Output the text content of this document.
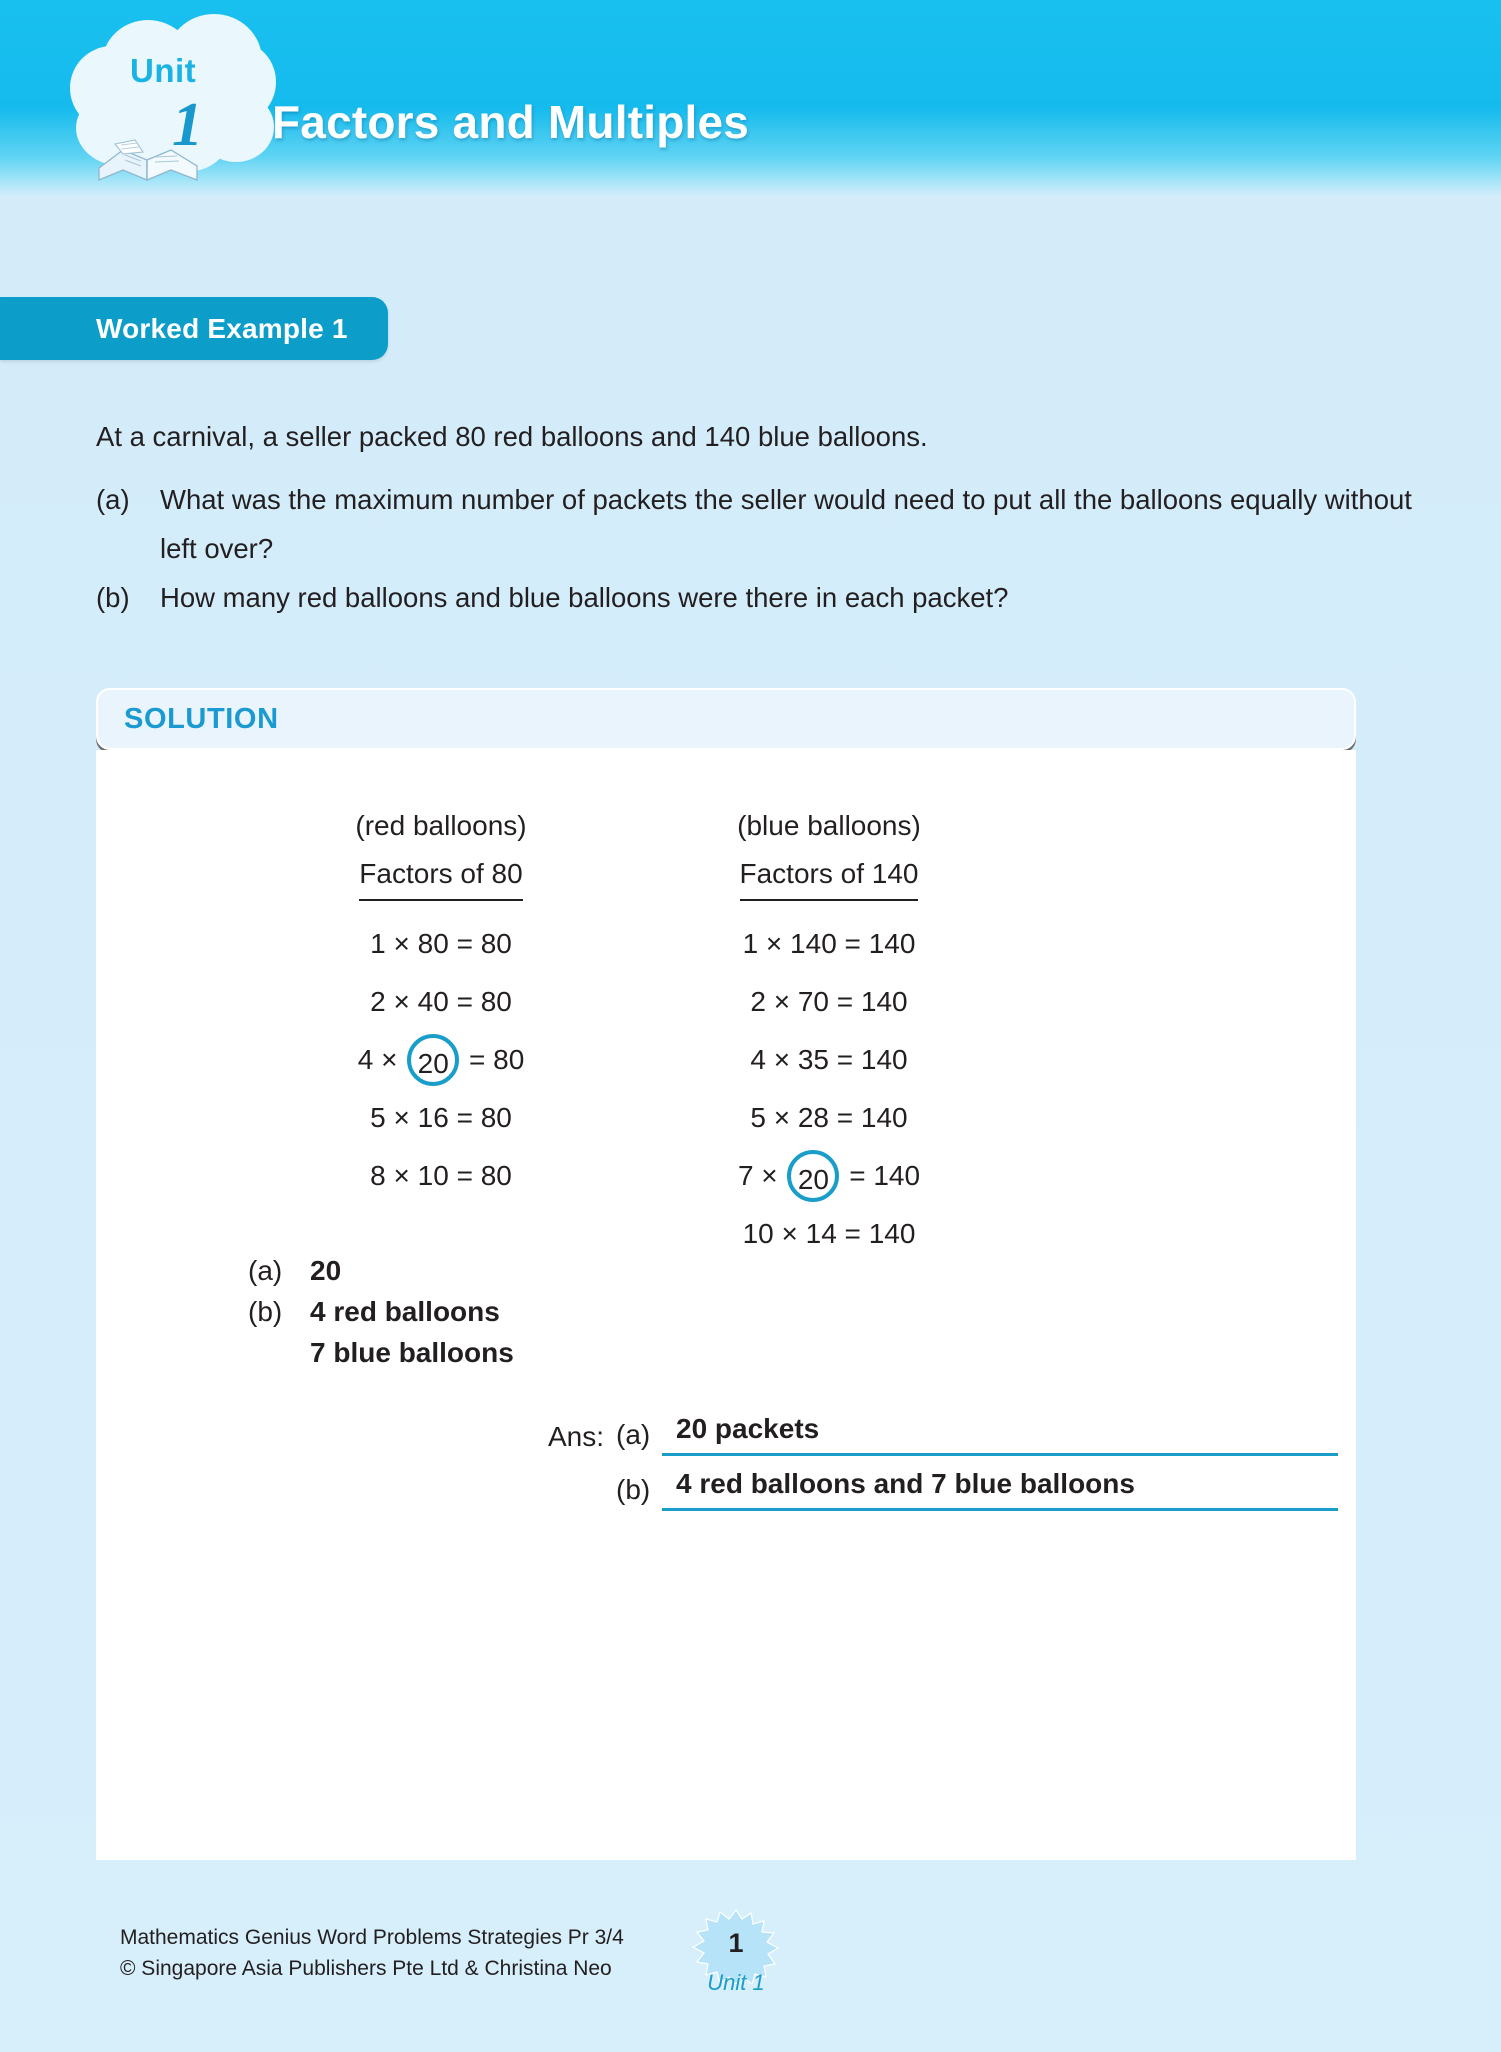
Unit
1 Factors and Multiples
Worked Example 1
At a carnival, a seller packed 80 red balloons and 140 blue balloons.
(a)	What was the maximum number of packets the seller would need to put all the balloons equally without left over?
(b)	How many red balloons and blue balloons were there in each packet?
SOLUTION
(red balloons)
Factors of 80
1 × 80 = 80
2 × 40 = 80
4 × 20 = 80
5 × 16 = 80
8 × 10 = 80
(blue balloons)
Factors of 140
1 × 140 = 140
2 × 70 = 140
4 × 35 = 140
5 × 28 = 140
7 × 20 = 140
10 × 14 = 140
(a) 20
(b) 4 red balloons
7 blue balloons
Ans: (a) 20 packets
(b) 4 red balloons and 7 blue balloons
Mathematics Genius Word Problems Strategies Pr 3/4
© Singapore Asia Publishers Pte Ltd & Christina Neo
1
Unit 1
